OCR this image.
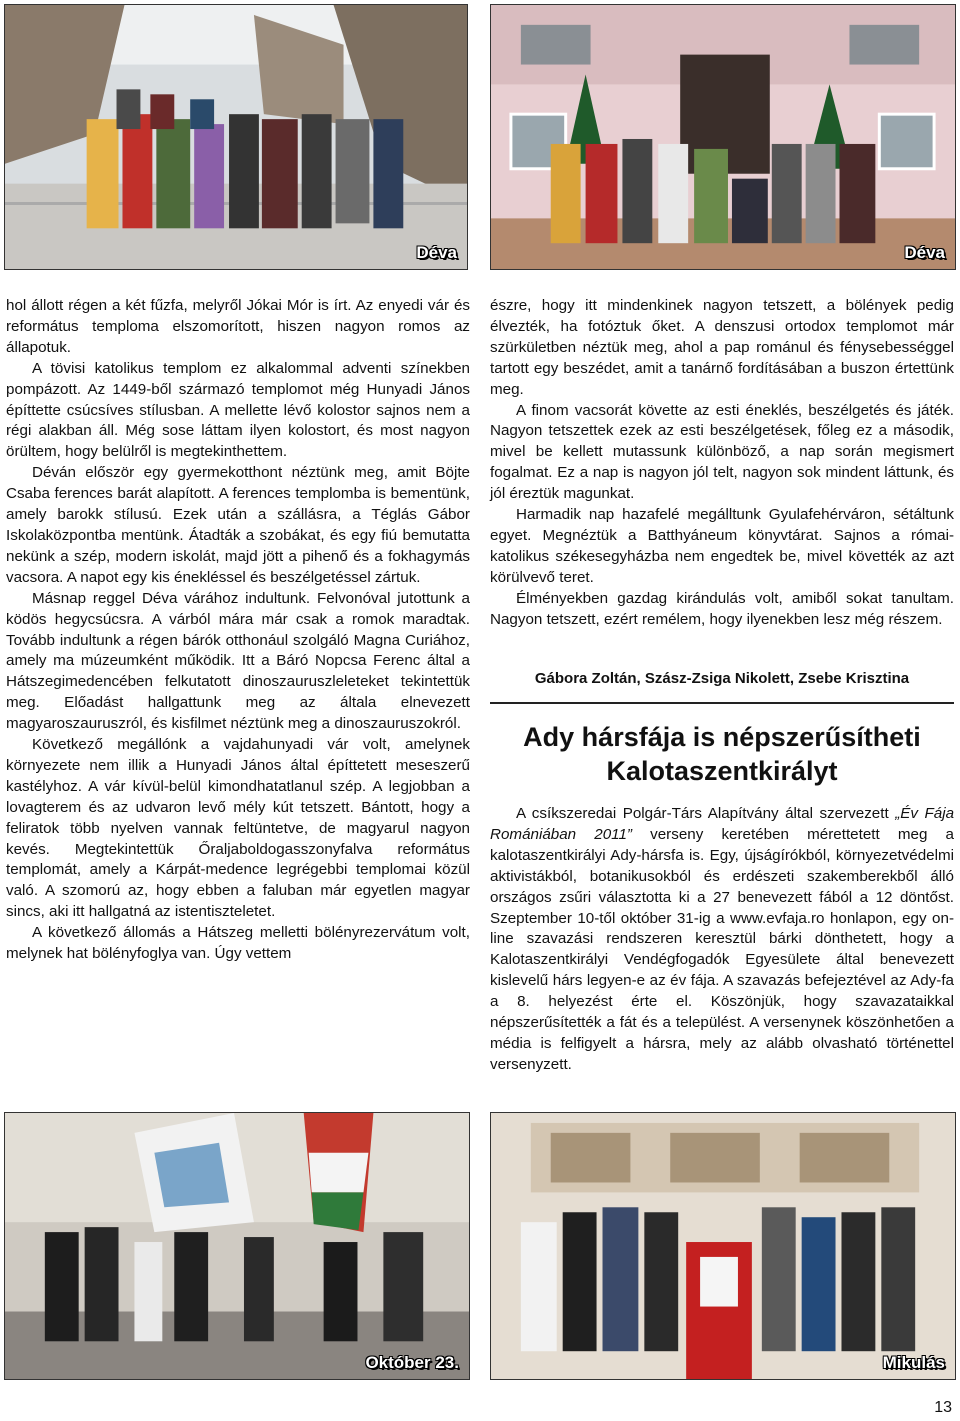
Déva	Déva

hol állott régen a két fűzfa, melyről Jókai Mór is írt. Az enyedi vár és református temploma elszomorított, hiszen nagyon romos az állapotuk.

A tövisi katolikus templom ez alkalommal adventi színekben pompázott. Az 1449-ből származó templomot még Hunyadi János építtette csúcsíves stílusban. A mellette lévő kolostor sajnos nem a régi alakban áll. Még sose láttam ilyen kolostort, és most nagyon örültem, hogy belülről is megtekinthettem.

Déván először egy gyermekotthont néztünk meg, amit Böjte Csaba ferences barát alapított. A ferences templomba is bementünk, amely barokk stílusú. Ezek után a szállásra, a Téglás Gábor Iskolaközpontba mentünk. Átadták a szobákat, és egy fiú bemutatta nekünk a szép, modern iskolát, majd jött a pihenő és a fokhagymás vacsora. A napot egy kis énekléssel és beszélgetéssel zártuk.

Másnap reggel Déva várához indultunk. Felvonóval jutottunk a ködös hegycsúcsra. A várból mára már csak a romok maradtak. Tovább indultunk a régen bárók otthonául szolgáló Magna Curiához, amely ma múzeumként működik. Itt a Báró Nopcsa Ferenc által a Hátszegimedencében felkutatott dinoszauruszleleteket tekintettük meg. Előadást hallgattunk meg az általa elnevezett magyaroszauruszról, és kisfilmet néztünk meg a dinoszauruszokról.

Következő megállónk a vajdahunyadi vár volt, amelynek környezete nem illik a Hunyadi János által építtetett meseszerű kastélyhoz. A vár kívül-belül kimondhatatlanul szép. A legjobban a lovagterem és az udvaron levő mély kút tetszett. Bántott, hogy a feliratok több nyelven vannak feltüntetve, de magyarul nagyon kevés. Megtekintettük Őraljaboldogasszonyfalva református templomát, amely a Kárpát-medence legrégebbi templomai közül való. A szomorú az, hogy ebben a faluban már egyetlen magyar sincs, aki itt hallgatná az istentiszteletet.

A következő állomás a Hátszeg melletti bölényrezervátum volt, melynek hat bölényfoglya van. Úgy vettem

észre, hogy itt mindenkinek nagyon tetszett, a bölények pedig élvezték, ha fotóztuk őket. A denszusi ortodox templomot már szürkületben néztük meg, ahol a pap románul és fénysebességgel tartott egy beszédet, amit a tanárnő fordításában a buszon értettünk meg.

A finom vacsorát követte az esti éneklés, beszélgetés és játék. Nagyon tetszettek ezek az esti beszélgetések, főleg ez a második, mivel be kellett mutassunk különböző, a nap során megismert fogalmat. Ez a nap is nagyon jól telt, nagyon sok mindent láttunk, és jól éreztük magunkat.

Harmadik nap hazafelé megálltunk Gyulafehérváron, sétáltunk egyet. Megnéztük a Batthyáneum könyvtárat. Sajnos a római-katolikus székesegyházba nem engedtek be, mivel követték az azt körülvevő teret.

Élményekben gazdag kirándulás volt, amiből sokat tanultam. Nagyon tetszett, ezért remélem, hogy ilyenekben lesz még részem.

Gábora Zoltán, Szász-Zsiga Nikolett, Zsebe Krisztina
Ady hársfája is népszerűsítheti Kalotaszentkirályt

A csíkszeredai Polgár-Társ Alapítvány által szervezett „Év Fája Romániában 2011” verseny keretében mérettetett meg a kalotaszentkirályi Ady-hársfa is. Egy, újságírókból, környezetvédelmi aktivistákból, botanikusokból és erdészeti szakemberekből álló országos zsűri választotta ki a 27 benevezett fából a 12 döntőst. Szeptember 10-től október 31-ig a www.evfaja.ro honlapon, egy on-line szavazási rendszeren keresztül bárki dönthetett, hogy a Kalotaszentkirályi Vendégfogadók Egyesülete által benevezett kislevelű hárs legyen-e az év fája. A szavazás befejeztével az Ady-fa a 8. helyezést érte el. Köszönjük, hogy szavazataikkal népszerűsítették a fát és a települést. A versenynek köszönhetően a média is felfigyelt a hársra, mely az alább olvasható történettel versenyzett.

Október 23.	Mikulás
13
